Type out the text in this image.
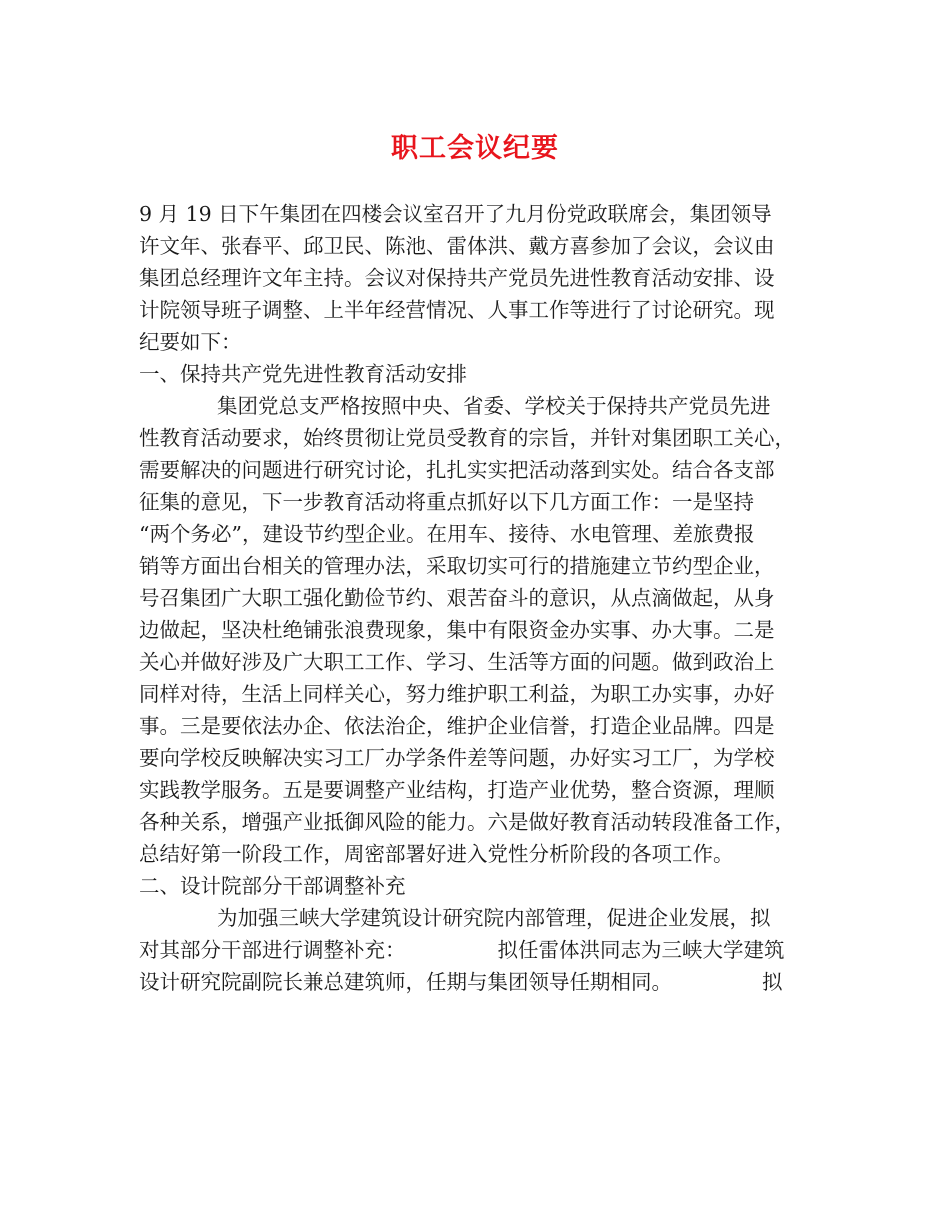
职工会议纪要
9 月 19 日下午集团在四楼会议室召开了九月份党政联席会，集团领导
许文年、张春平、邱卫民、陈池、雷体洪、戴方喜参加了会议，会议由
集团总经理许文年主持。会议对保持共产党员先进性教育活动安排、设
计院领导班子调整、上半年经营情况、人事工作等进行了讨论研究。现
纪要如下：
一、保持共产党先进性教育活动安排
集团党总支严格按照中央、省委、学校关于保持共产党员先进
性教育活动要求，始终贯彻让党员受教育的宗旨，并针对集团职工关心，
需要解决的问题进行研究讨论，扎扎实实把活动落到实处。结合各支部
征集的意见，下一步教育活动将重点抓好以下几方面工作：一是坚持
“两个务必”，建设节约型企业。在用车、接待、水电管理、差旅费报
销等方面出台相关的管理办法，采取切实可行的措施建立节约型企业，
号召集团广大职工强化勤俭节约、艰苦奋斗的意识，从点滴做起，从身
边做起，坚决杜绝铺张浪费现象，集中有限资金办实事、办大事。二是
关心并做好涉及广大职工工作、学习、生活等方面的问题。做到政治上
同样对待，生活上同样关心，努力维护职工利益，为职工办实事，办好
事。三是要依法办企、依法治企，维护企业信誉，打造企业品牌。四是
要向学校反映解决实习工厂办学条件差等问题，办好实习工厂，为学校
实践教学服务。五是要调整产业结构，打造产业优势，整合资源，理顺
各种关系，增强产业抵御风险的能力。六是做好教育活动转段准备工作，
总结好第一阶段工作，周密部署好进入党性分析阶段的各项工作。
二、设计院部分干部调整补充
为加强三峡大学建筑设计研究院内部管理，促进企业发展，拟
对其部分干部进行调整补充：	拟任雷体洪同志为三峡大学建筑
设计研究院副院长兼总建筑师，任期与集团领导任期相同。	拟
